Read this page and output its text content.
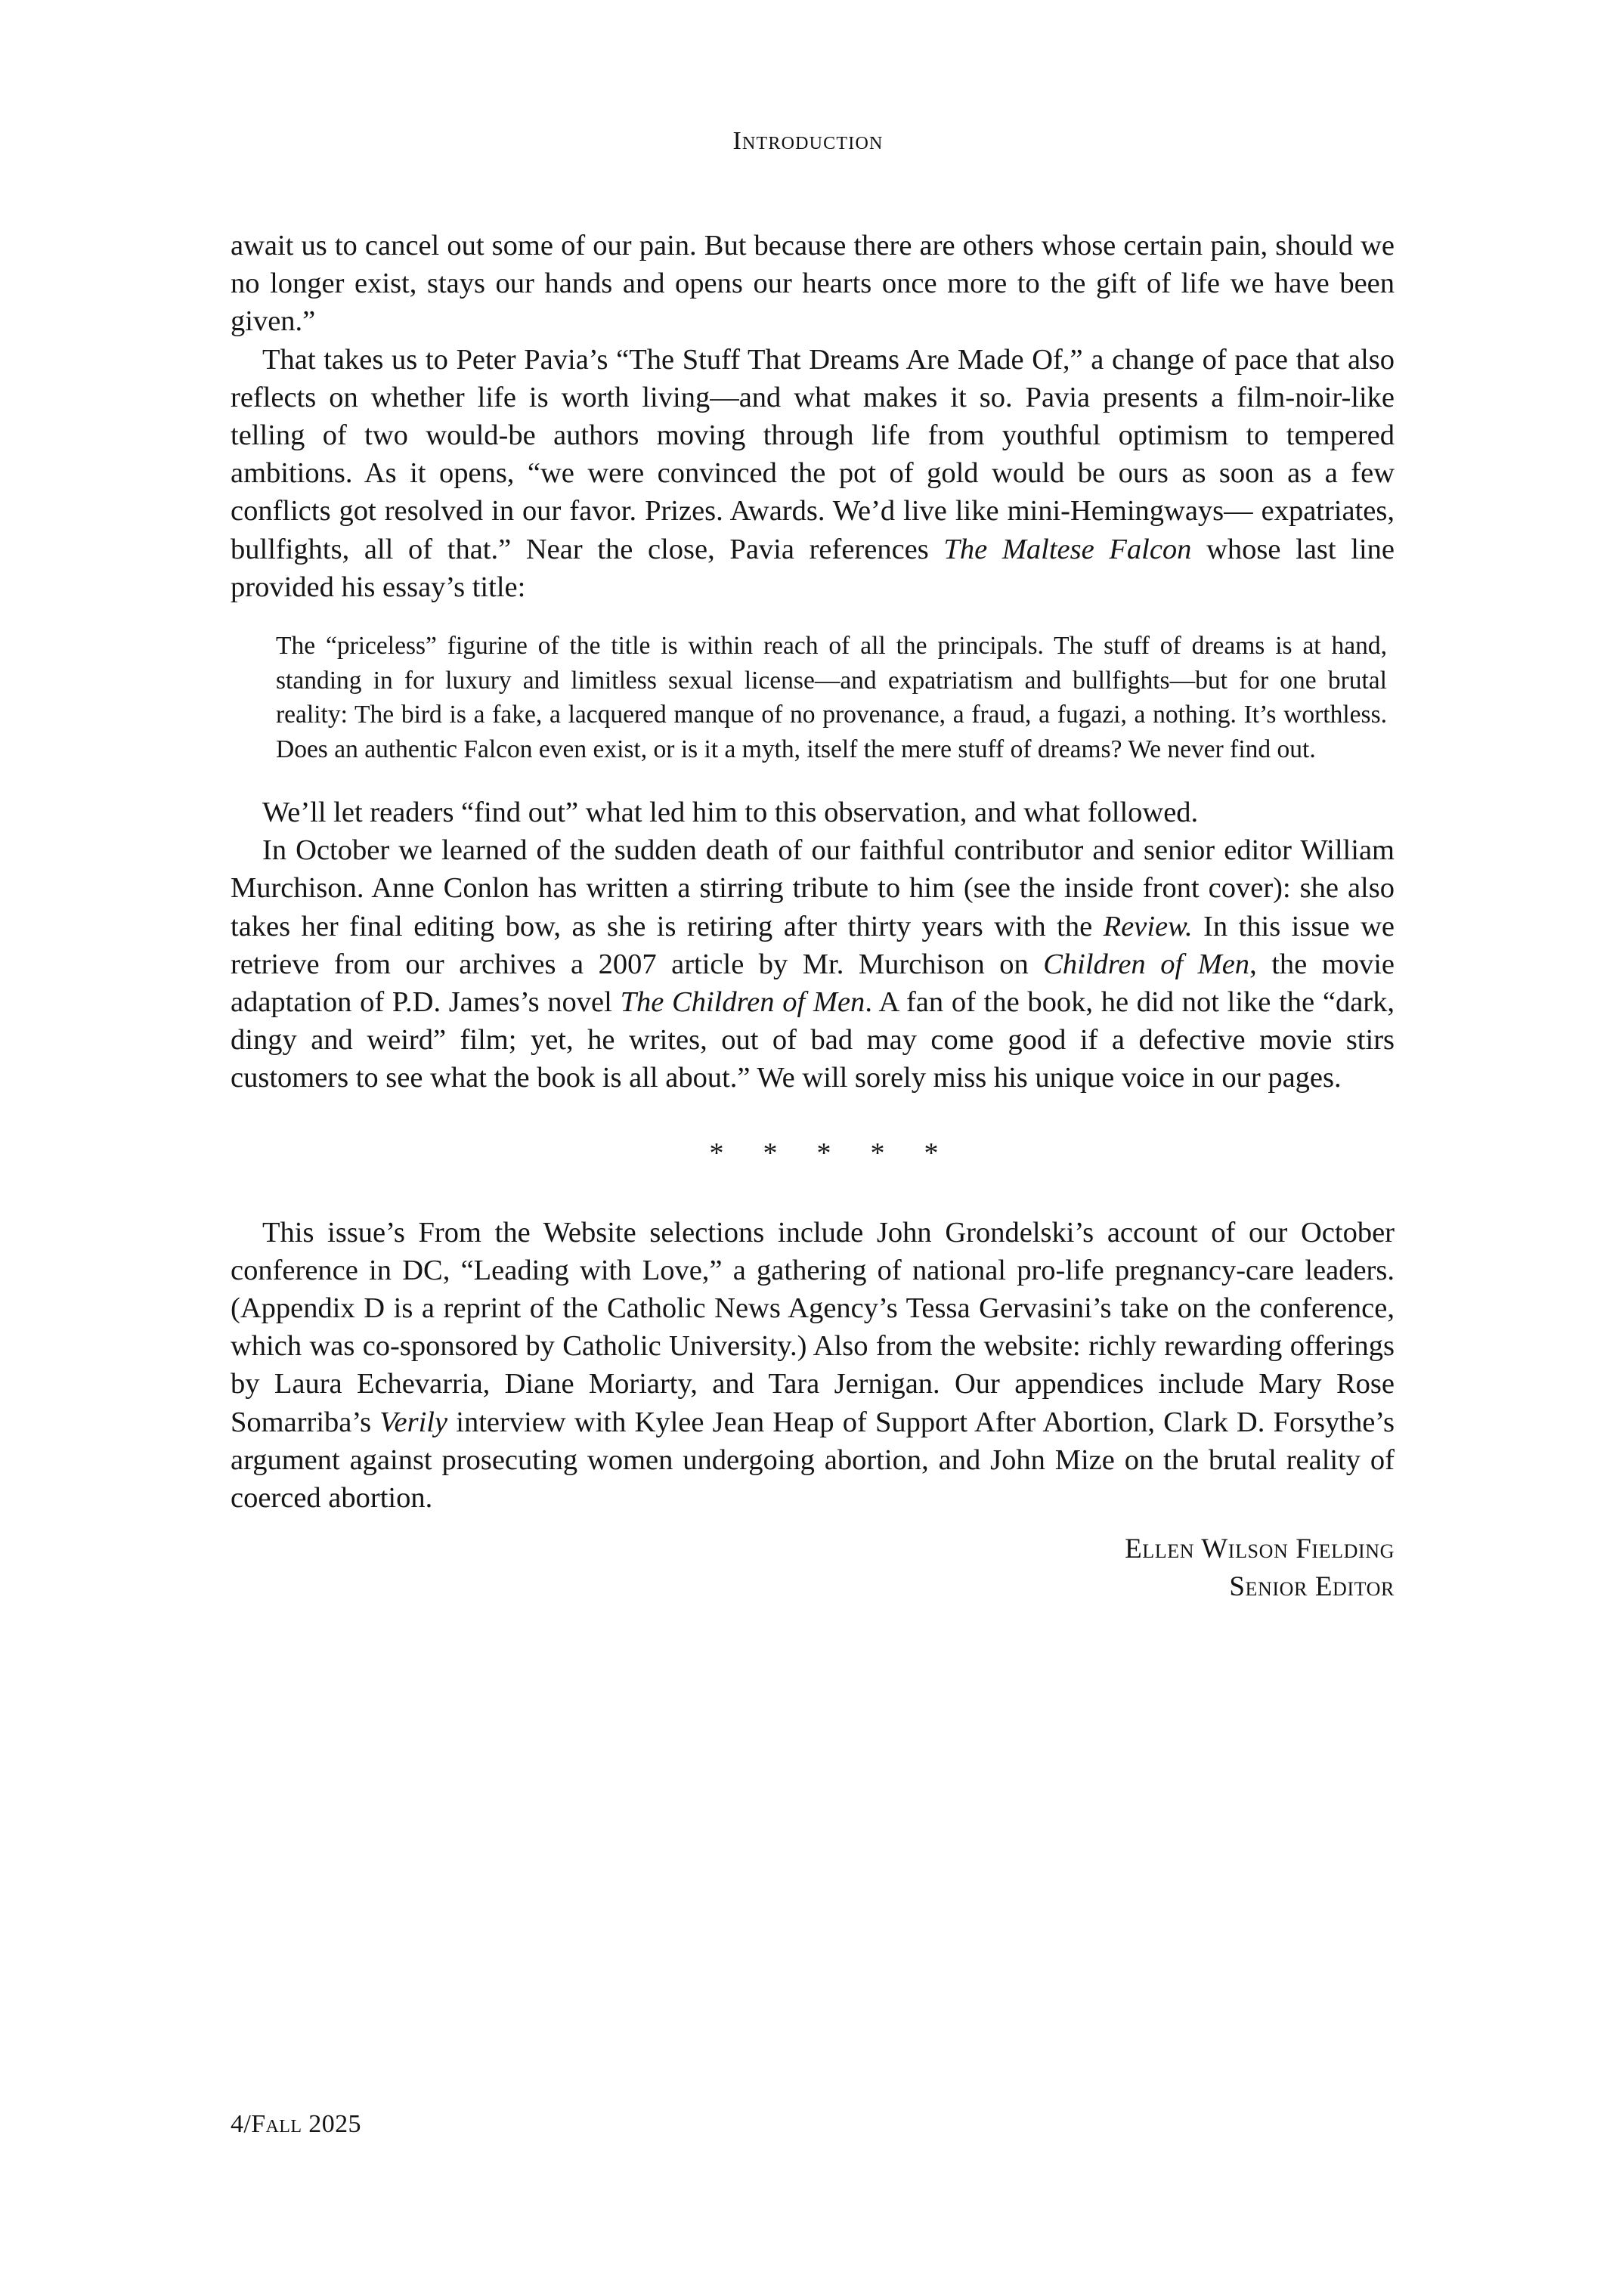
Introduction

await us to cancel out some of our pain. But because there are others whose certain pain, should we no longer exist, stays our hands and opens our hearts once more to the gift of life we have been given.”

That takes us to Peter Pavia’s “The Stuff That Dreams Are Made Of,” a change of pace that also reflects on whether life is worth living—and what makes it so. Pavia presents a film-noir-like telling of two would-be authors moving through life from youthful optimism to tempered ambitions. As it opens, “we were convinced the pot of gold would be ours as soon as a few conflicts got resolved in our favor. Prizes. Awards. We’d live like mini-Hemingways— expatriates, bullfights, all of that.” Near the close, Pavia references The Maltese Falcon whose last line provided his essay’s title:

The “priceless” figurine of the title is within reach of all the principals. The stuff of dreams is at hand, standing in for luxury and limitless sexual license—and expatriatism and bullfights—but for one brutal reality: The bird is a fake, a lacquered manque of no provenance, a fraud, a fugazi, a nothing. It’s worthless. Does an authentic Falcon even exist, or is it a myth, itself the mere stuff of dreams? We never find out.

We’ll let readers “find out” what led him to this observation, and what followed.

In October we learned of the sudden death of our faithful contributor and senior editor William Murchison. Anne Conlon has written a stirring tribute to him (see the inside front cover): she also takes her final editing bow, as she is retiring after thirty years with the Review. In this issue we retrieve from our archives a 2007 article by Mr. Murchison on Children of Men, the movie adaptation of P.D. James’s novel The Children of Men. A fan of the book, he did not like the “dark, dingy and weird” film; yet, he writes, out of bad may come good if a defective movie stirs customers to see what the book is all about.” We will sorely miss his unique voice in our pages.

* * * * *

This issue’s From the Website selections include John Grondelski’s account of our October conference in DC, “Leading with Love,” a gathering of national pro-life pregnancy-care leaders. (Appendix D is a reprint of the Catholic News Agency’s Tessa Gervasini’s take on the conference, which was co-sponsored by Catholic University.) Also from the website: richly rewarding offerings by Laura Echevarria, Diane Moriarty, and Tara Jernigan. Our appendices include Mary Rose Somarriba’s Verily interview with Kylee Jean Heap of Support After Abortion, Clark D. Forsythe’s argument against prosecuting women undergoing abortion, and John Mize on the brutal reality of coerced abortion.

Ellen Wilson Fielding
Senior Editor
4/Fall 2025
